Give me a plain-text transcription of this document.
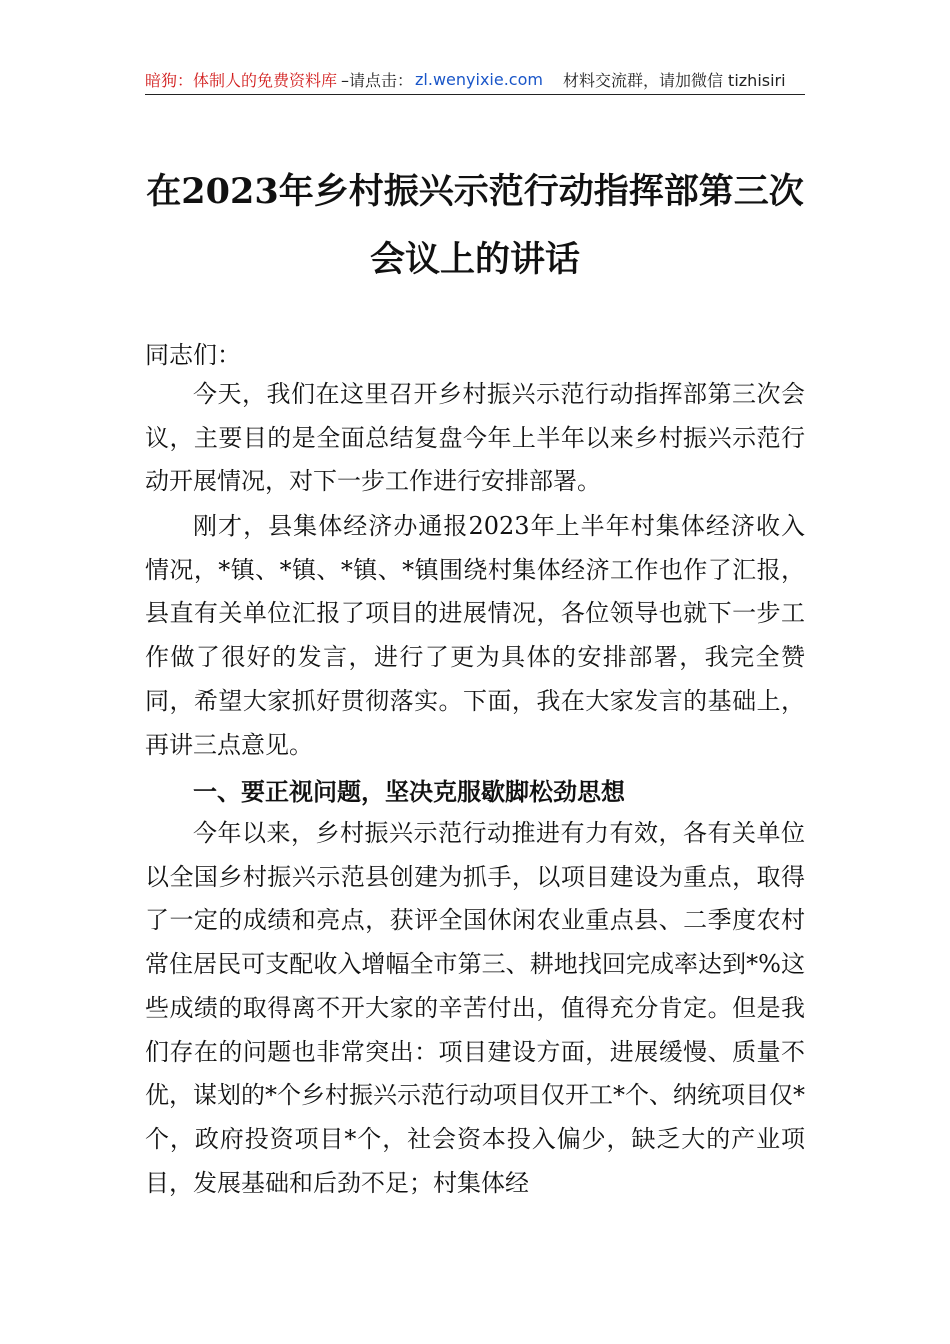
暗狗：体制人的免费资料库 –请点击： zl.wenyixie.com 材料交流群，请加微信 tizhisiri
在2023年乡村振兴示范行动指挥部第三次
会议上的讲话
同志们：
今天，我们在这里召开乡村振兴示范行动指挥部第三次会议，主要目的是全面总结复盘今年上半年以来乡村振兴示范行动开展情况，对下一步工作进行安排部署。
刚才，县集体经济办通报2023年上半年村集体经济收入情况，*镇、*镇、*镇、*镇围绕村集体经济工作也作了汇报，县直有关单位汇报了项目的进展情况，各位领导也就下一步工作做了很好的发言，进行了更为具体的安排部署，我完全赞同，希望大家抓好贯彻落实。下面，我在大家发言的基础上，再讲三点意见。
一、要正视问题，坚决克服歇脚松劲思想
今年以来，乡村振兴示范行动推进有力有效，各有关单位以全国乡村振兴示范县创建为抓手，以项目建设为重点，取得了一定的成绩和亮点，获评全国休闲农业重点县、二季度农村常住居民可支配收入增幅全市第三、耕地找回完成率达到*%这些成绩的取得离不开大家的辛苦付出，值得充分肯定。但是我们存在的问题也非常突出：项目建设方面，进展缓慢、质量不优，谋划的*个乡村振兴示范行动项目仅开工*个、纳统项目仅*个，政府投资项目*个，社会资本投入偏少，缺乏大的产业项目，发展基础和后劲不足；村集体经
